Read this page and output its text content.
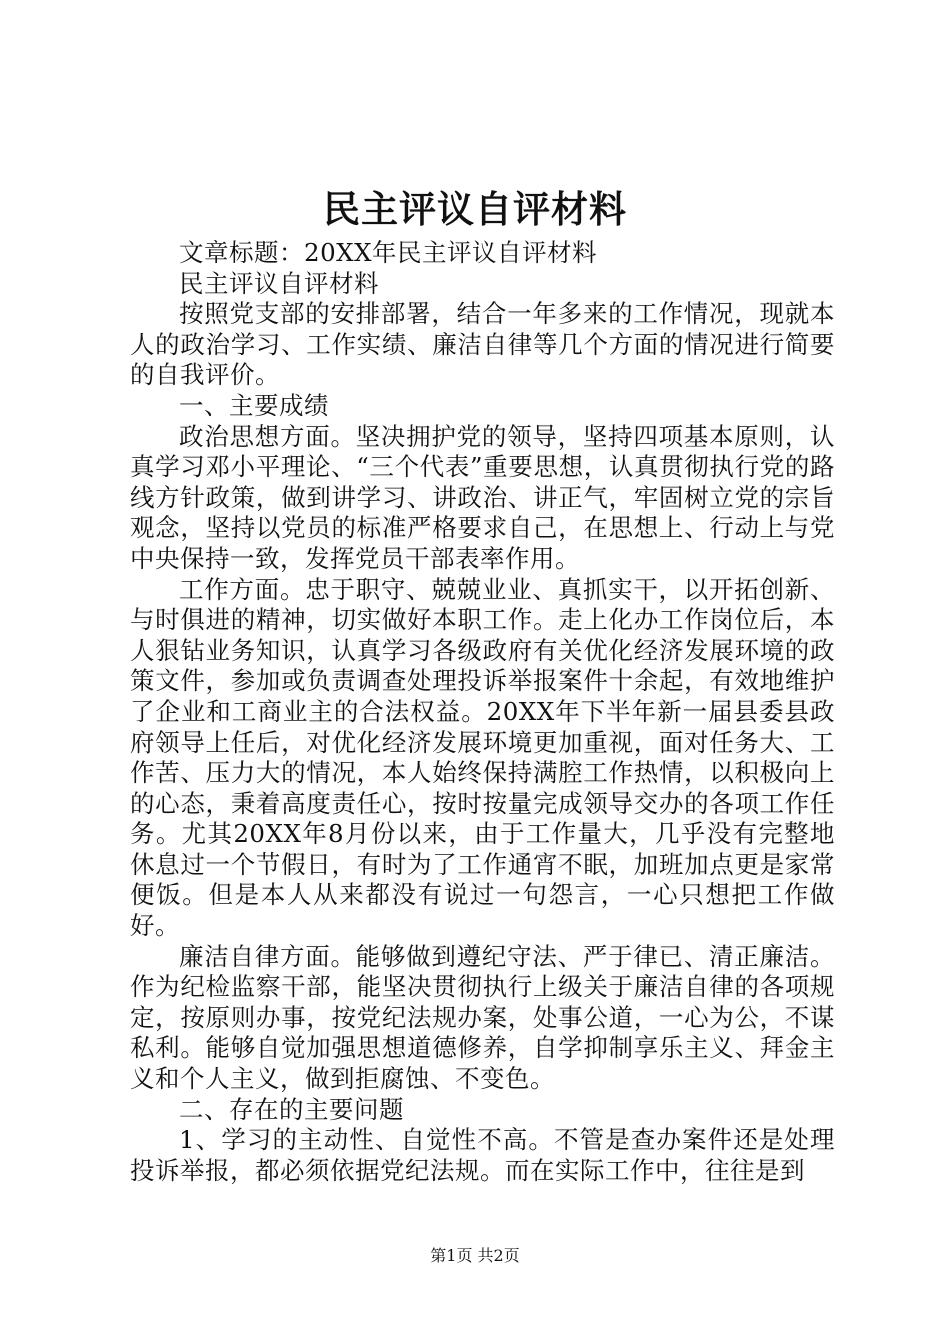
民主评议自评材料

文章标题：20XX年民主评议自评材料

民主评议自评材料

按照党支部的安排部署，结合一年多来的工作情况，现就本人的政治学习、工作实绩、廉洁自律等几个方面的情况进行简要的自我评价。

一、主要成绩

政治思想方面。坚决拥护党的领导，坚持四项基本原则，认真学习邓小平理论、“三个代表”重要思想，认真贯彻执行党的路线方针政策，做到讲学习、讲政治、讲正气，牢固树立党的宗旨观念，坚持以党员的标准严格要求自己，在思想上、行动上与党中央保持一致，发挥党员干部表率作用。

工作方面。忠于职守、兢兢业业、真抓实干，以开拓创新、与时俱进的精神，切实做好本职工作。走上化办工作岗位后，本人狠钻业务知识，认真学习各级政府有关优化经济发展环境的政策文件，参加或负责调查处理投诉举报案件十余起，有效地维护了企业和工商业主的合法权益。20XX年下半年新一届县委县政府领导上任后，对优化经济发展环境更加重视，面对任务大、工作苦、压力大的情况，本人始终保持满腔工作热情，以积极向上的心态，秉着高度责任心，按时按量完成领导交办的各项工作任务。尤其20XX年8月份以来，由于工作量大，几乎没有完整地休息过一个节假日，有时为了工作通宵不眠，加班加点更是家常便饭。但是本人从来都没有说过一句怨言，一心只想把工作做好。

廉洁自律方面。能够做到遵纪守法、严于律已、清正廉洁。作为纪检监察干部，能坚决贯彻执行上级关于廉洁自律的各项规定，按原则办事，按党纪法规办案，处事公道，一心为公，不谋私利。能够自觉加强思想道德修养，自学抑制享乐主义、拜金主义和个人主义，做到拒腐蚀、不变色。

二、存在的主要问题

1、学习的主动性、自觉性不高。不管是查办案件还是处理投诉举报，都必须依据党纪法规。而在实际工作中，往往是到

第1页 共2页
